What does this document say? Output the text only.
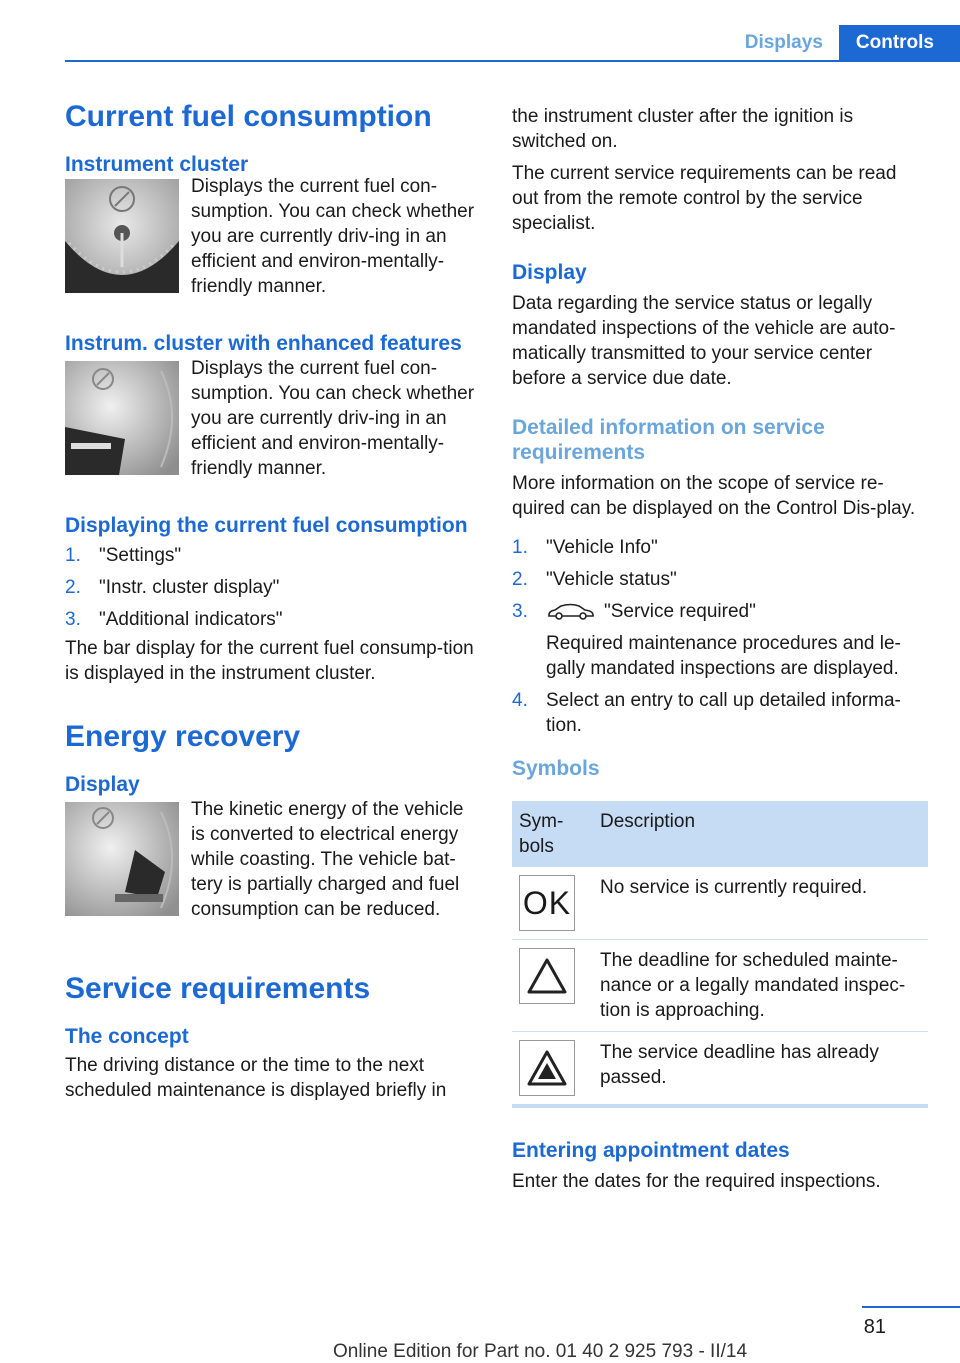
Displays	Controls
Current fuel consumption
Instrument cluster

Displays the current fuel con-sumption. You can check whether you are currently driv-ing in an efficient and environ-mentally-friendly manner.

Instrum. cluster with enhanced features

Displays the current fuel con-sumption. You can check whether you are currently driv-ing in an efficient and environ-mentally-friendly manner.

Displaying the current fuel consumption
1. "Settings"
2. "Instr. cluster display"
3. "Additional indicators"

The bar display for the current fuel consump-tion is displayed in the instrument cluster.

Energy recovery
Display

The kinetic energy of the vehicle is converted to electrical energy while coasting. The vehicle bat-tery is partially charged and fuel consumption can be reduced.

Service requirements
The concept

The driving distance or the time to the next scheduled maintenance is displayed briefly in

the instrument cluster after the ignition is switched on.

The current service requirements can be read out from the remote control by the service specialist.

Display

Data regarding the service status or legally mandated inspections of the vehicle are auto-matically transmitted to your service center before a service due date.

Detailed information on service requirements

More information on the scope of service re-quired can be displayed on the Control Dis-play.

1. "Vehicle Info"
2. "Vehicle status"
3.	"Service required"
Required maintenance procedures and le-gally mandated inspections are displayed.
4. Select an entry to call up detailed informa-tion.
Symbols
Sym-bols	Description

OK	No service is currently required.

	The deadline for scheduled mainte-nance or a legally mandated inspec-tion is approaching.

	The service deadline has already passed.
Entering appointment dates

Enter the dates for the required inspections.

81
Online Edition for Part no. 01 40 2 925 793 - II/14
